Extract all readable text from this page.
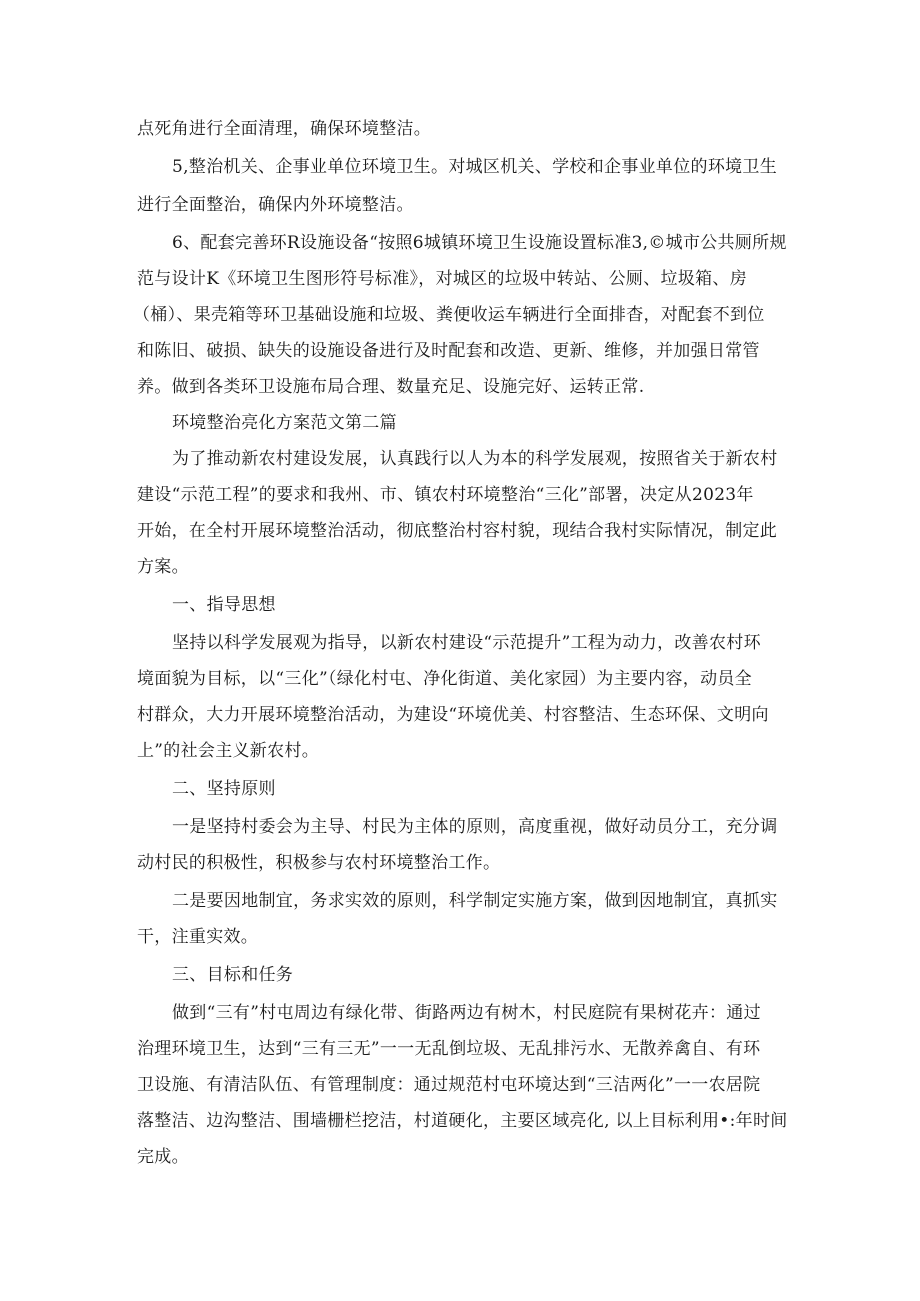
点死角进行全面清理，确保环境整洁。
5,整治机关、企事业单位环境卫生。对城区机关、学校和企事业单位的环境卫生
进行全面整治，确保内外环境整洁。
6、配套完善环R设施设备“按照6城镇环境卫生设施设置标准3,©城市公共厕所规
范与设计K《环境卫生图形符号标准》，对城区的垃圾中转站、公厕、垃圾箱、房
（桶）、果壳箱等环卫基础设施和垃圾、粪便收运车辆进行全面排杳，对配套不到位
和陈旧、破损、缺失的设施设备进行及时配套和改造、更新、维修，并加强日常管
养。做到各类环卫设施布局合理、数量充足、设施完好、运转正常.
环境整治亮化方案范文第二篇
为了推动新农村建设发展，认真践行以人为本的科学发展观，按照省关于新农村
建设“示范工程”的要求和我州、市、镇农村环境整治“三化”部署，决定从2023年
开始，在全村开展环境整治活动，彻底整治村容村貌，现结合我村实际情况，制定此
方案。
一、指导思想
坚持以科学发展观为指导，以新农村建设“示范提升”工程为动力，改善农村环
境面貌为目标，以“三化”（绿化村屯、净化街道、美化家园）为主要内容，动员全
村群众，大力开展环境整治活动，为建设“环境优美、村容整洁、生态环保、文明向
上”的社会主义新农村。
二、坚持原则
一是坚持村委会为主导、村民为主体的原则，高度重视，做好动员分工，充分调
动村民的积极性，积极参与农村环境整治工作。
二是要因地制宜，务求实效的原则，科学制定实施方案，做到因地制宜，真抓实
干，注重实效。
三、目标和任务
做到“三有”村屯周边有绿化带、街路两边有树木，村民庭院有果树花卉：通过
治理环境卫生，达到“三有三无”一一无乱倒垃圾、无乱排污水、无散养禽自、有环
卫设施、有清洁队伍、有管理制度：通过规范村屯环境达到“三洁两化”一一农居院
落整洁、边沟整洁、围墙栅栏挖洁，村道硬化，主要区域亮化, 以上目标利用•:年时间
完成。
